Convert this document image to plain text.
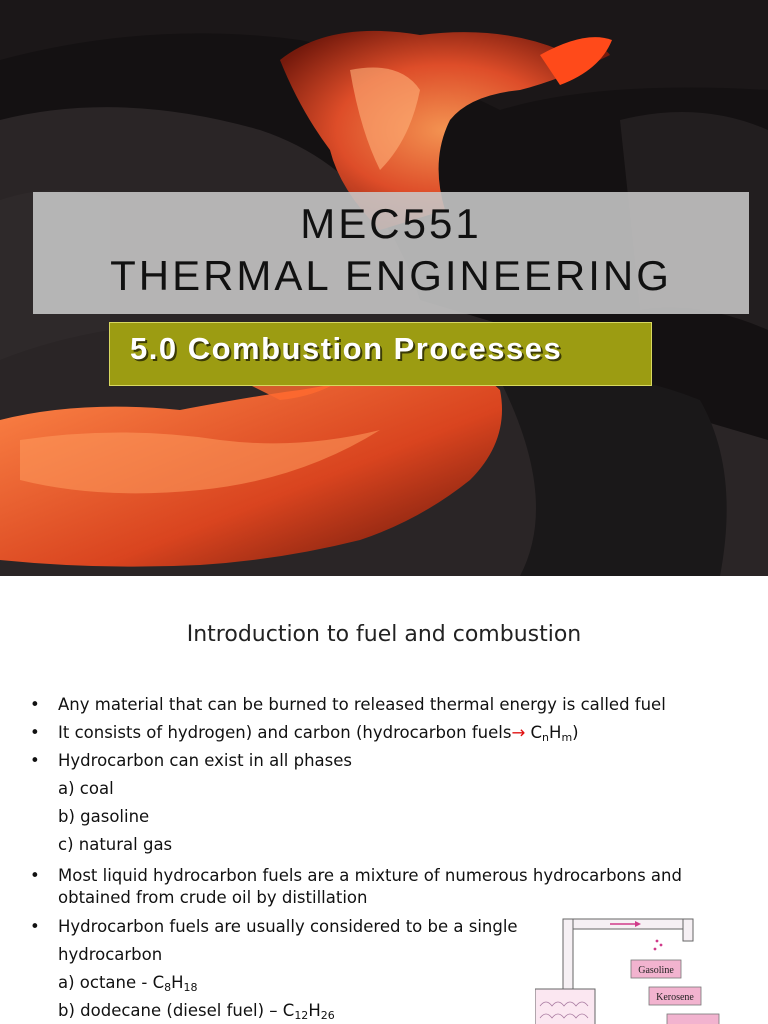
MEC551
THERMAL ENGINEERING
5.0 Combustion Processes
Introduction to fuel and combustion
• Any material that can be burned to released thermal energy is called fuel
• It consists of hydrogen) and carbon (hydrocarbon fuels→ $C_nH_m$)
• Hydrocarbon can exist in all phases
a) coal
b) gasoline
c) natural gas
• Most liquid hydrocarbon fuels are a mixture of numerous hydrocarbons and obtained from crude oil by distillation
• Hydrocarbon fuels are usually considered to be a single
hydrocarbon
a) octane - $C_8H_{18}$
b) dodecane (diesel fuel) – $C_{12}H_{26}$
Gasoline
Kerosene
